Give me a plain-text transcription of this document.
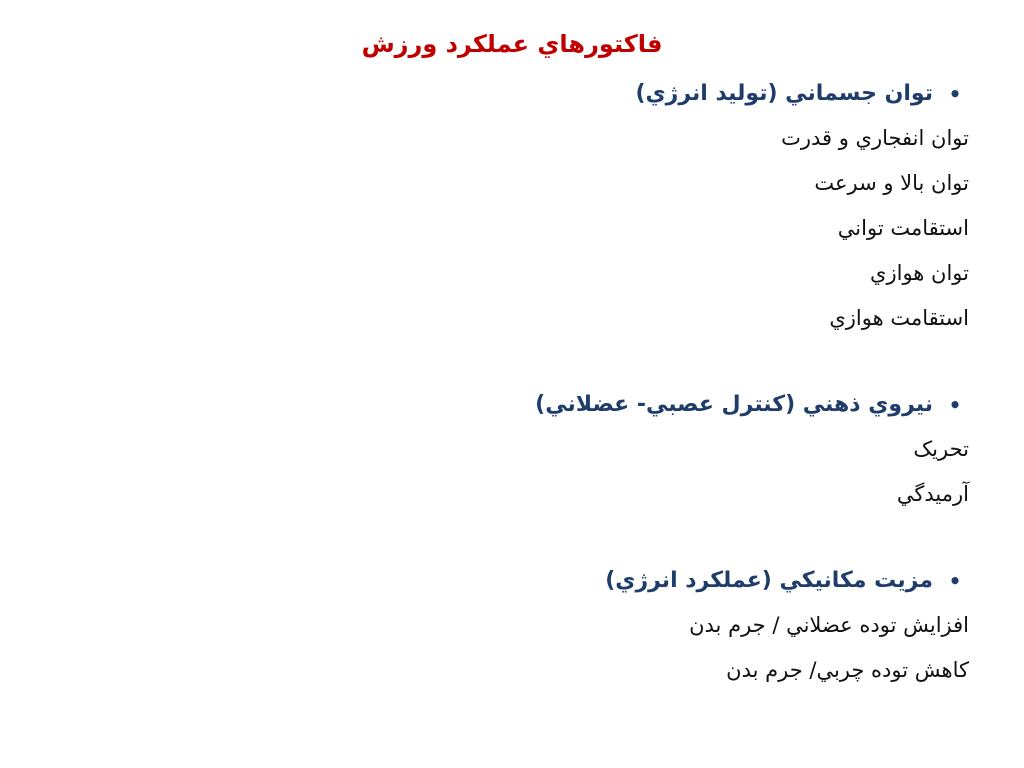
فاکتورهاي عملکرد ورزش
•
توان جسماني (توليد انرژي)
توان انفجاري و قدرت
توان بالا و سرعت
استقامت تواني
توان هوازي
استقامت هوازي
•
نيروي ذهني (کنترل عصبي- عضلاني)
تحريک
آرميدگي
•
مزيت مکانيکي (عملکرد انرژي)
افزايش توده عضلاني / جرم بدن
کاهش توده چربي/ جرم بدن
